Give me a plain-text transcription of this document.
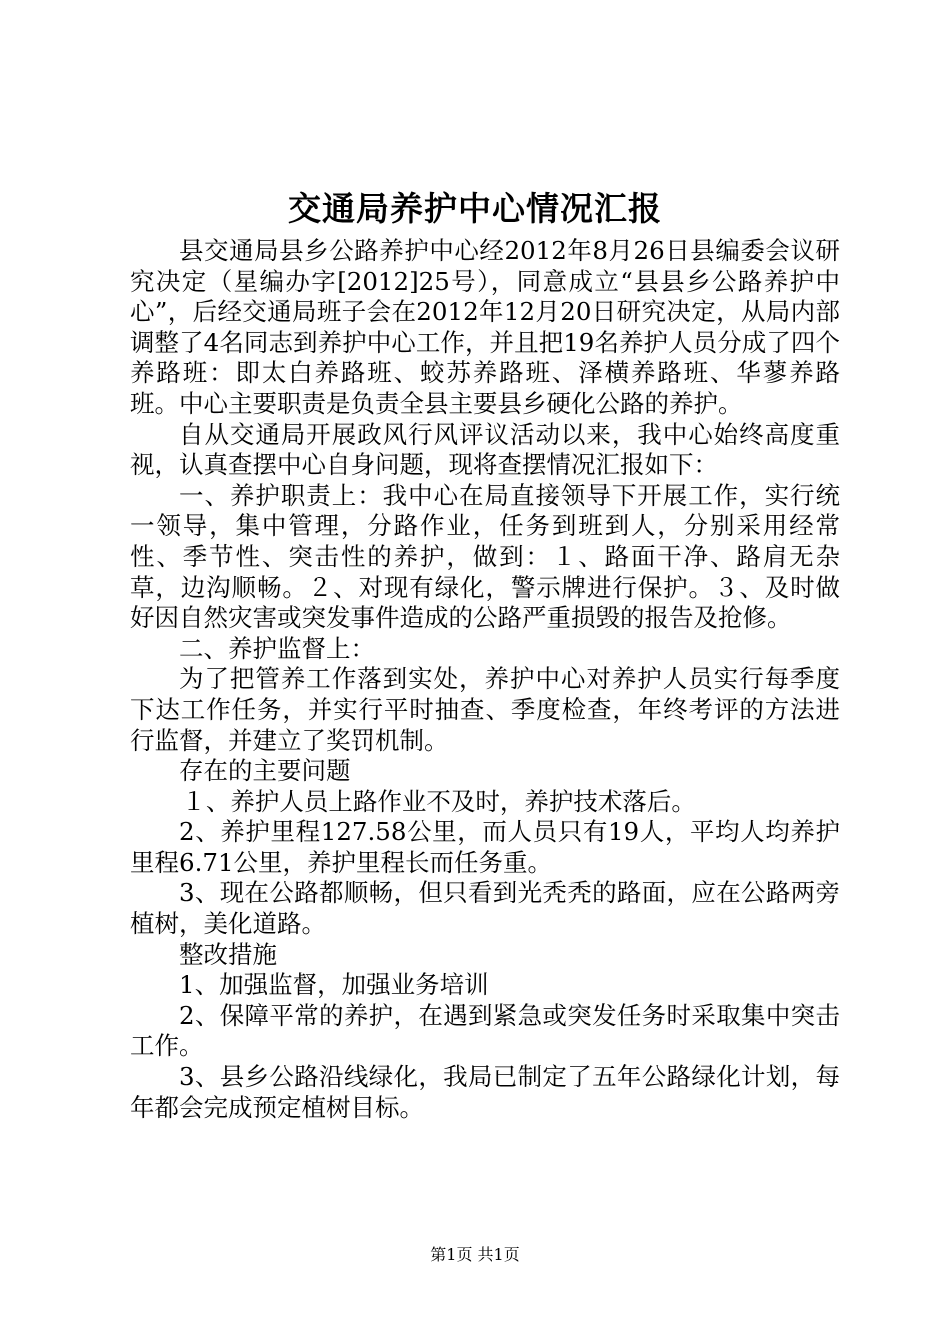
交通局养护中心情况汇报

县交通局县乡公路养护中心经2012年8月26日县编委会议研究决定（星编办字[2012]25号），同意成立“县县乡公路养护中心”，后经交通局班子会在2012年12月20日研究决定，从局内部调整了4名同志到养护中心工作，并且把19名养护人员分成了四个养路班：即太白养路班、蛟苏养路班、泽横养路班、华蓼养路班。中心主要职责是负责全县主要县乡硬化公路的养护。

自从交通局开展政风行风评议活动以来，我中心始终高度重视，认真查摆中心自身问题，现将查摆情况汇报如下：

一、养护职责上：我中心在局直接领导下开展工作，实行统一领导，集中管理，分路作业，任务到班到人，分别采用经常性、季节性、突击性的养护，做到：１、路面干净、路肩无杂草，边沟顺畅。２、对现有绿化，警示牌进行保护。３、及时做好因自然灾害或突发事件造成的公路严重损毁的报告及抢修。

二、养护监督上：

为了把管养工作落到实处，养护中心对养护人员实行每季度下达工作任务，并实行平时抽查、季度检查，年终考评的方法进行监督，并建立了奖罚机制。

存在的主要问题

１、养护人员上路作业不及时，养护技术落后。

2、养护里程127.58公里，而人员只有19人，平均人均养护里程6.71公里，养护里程长而任务重。

3、现在公路都顺畅，但只看到光秃秃的路面，应在公路两旁植树，美化道路。

整改措施

1、加强监督，加强业务培训

2、保障平常的养护，在遇到紧急或突发任务时采取集中突击工作。

3、县乡公路沿线绿化，我局已制定了五年公路绿化计划，每年都会完成预定植树目标。

第1页 共1页
